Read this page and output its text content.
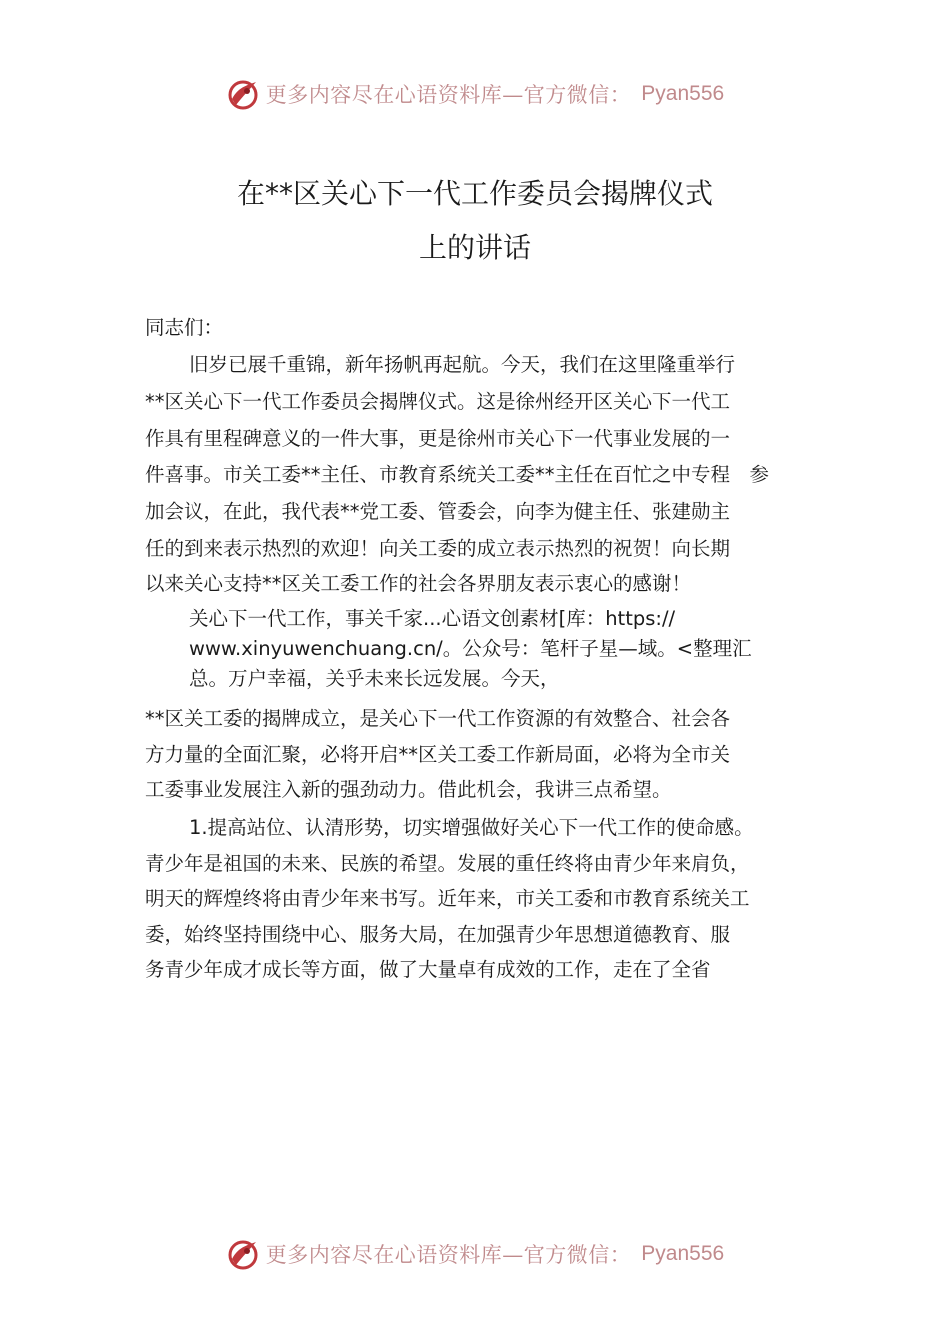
更多内容尽在心语资料库—官方微信： Pyan556
在**区关心下一代工作委员会揭牌仪式
上的讲话
同志们：
旧岁已展千重锦，新年扬帆再起航。今天，我们在这里隆重举行
**区关心下一代工作委员会揭牌仪式。这是徐州经开区关心下一代工
作具有里程碑意义的一件大事，更是徐州市关心下一代事业发展的一
件喜事。市关工委**主任、市教育系统关工委**主任在百忙之中专程　参
加会议，在此，我代表**党工委、管委会，向李为健主任、张建勋主
任的到来表示热烈的欢迎！向关工委的成立表示热烈的祝贺！向长期
以来关心支持**区关工委工作的社会各界朋友表示衷心的感谢！
关心下一代工作，事关千家...心语文创素材[库：https://
www.xinyuwenchuang.cn/。公众号：笔杆子星—域。<整理汇
总。万户幸福，关乎未来长远发展。今天，
**区关工委的揭牌成立，是关心下一代工作资源的有效整合、社会各
方力量的全面汇聚，必将开启**区关工委工作新局面，必将为全市关
工委事业发展注入新的强劲动力。借此机会，我讲三点希望。
1.提高站位、认清形势，切实增强做好关心下一代工作的使命感。
青少年是祖国的未来、民族的希望。发展的重任终将由青少年来肩负，
明天的辉煌终将由青少年来书写。近年来，市关工委和市教育系统关工
委，始终坚持围绕中心、服务大局，在加强青少年思想道德教育、服
务青少年成才成长等方面，做了大量卓有成效的工作，走在了全省
更多内容尽在心语资料库—官方微信： Pyan556
